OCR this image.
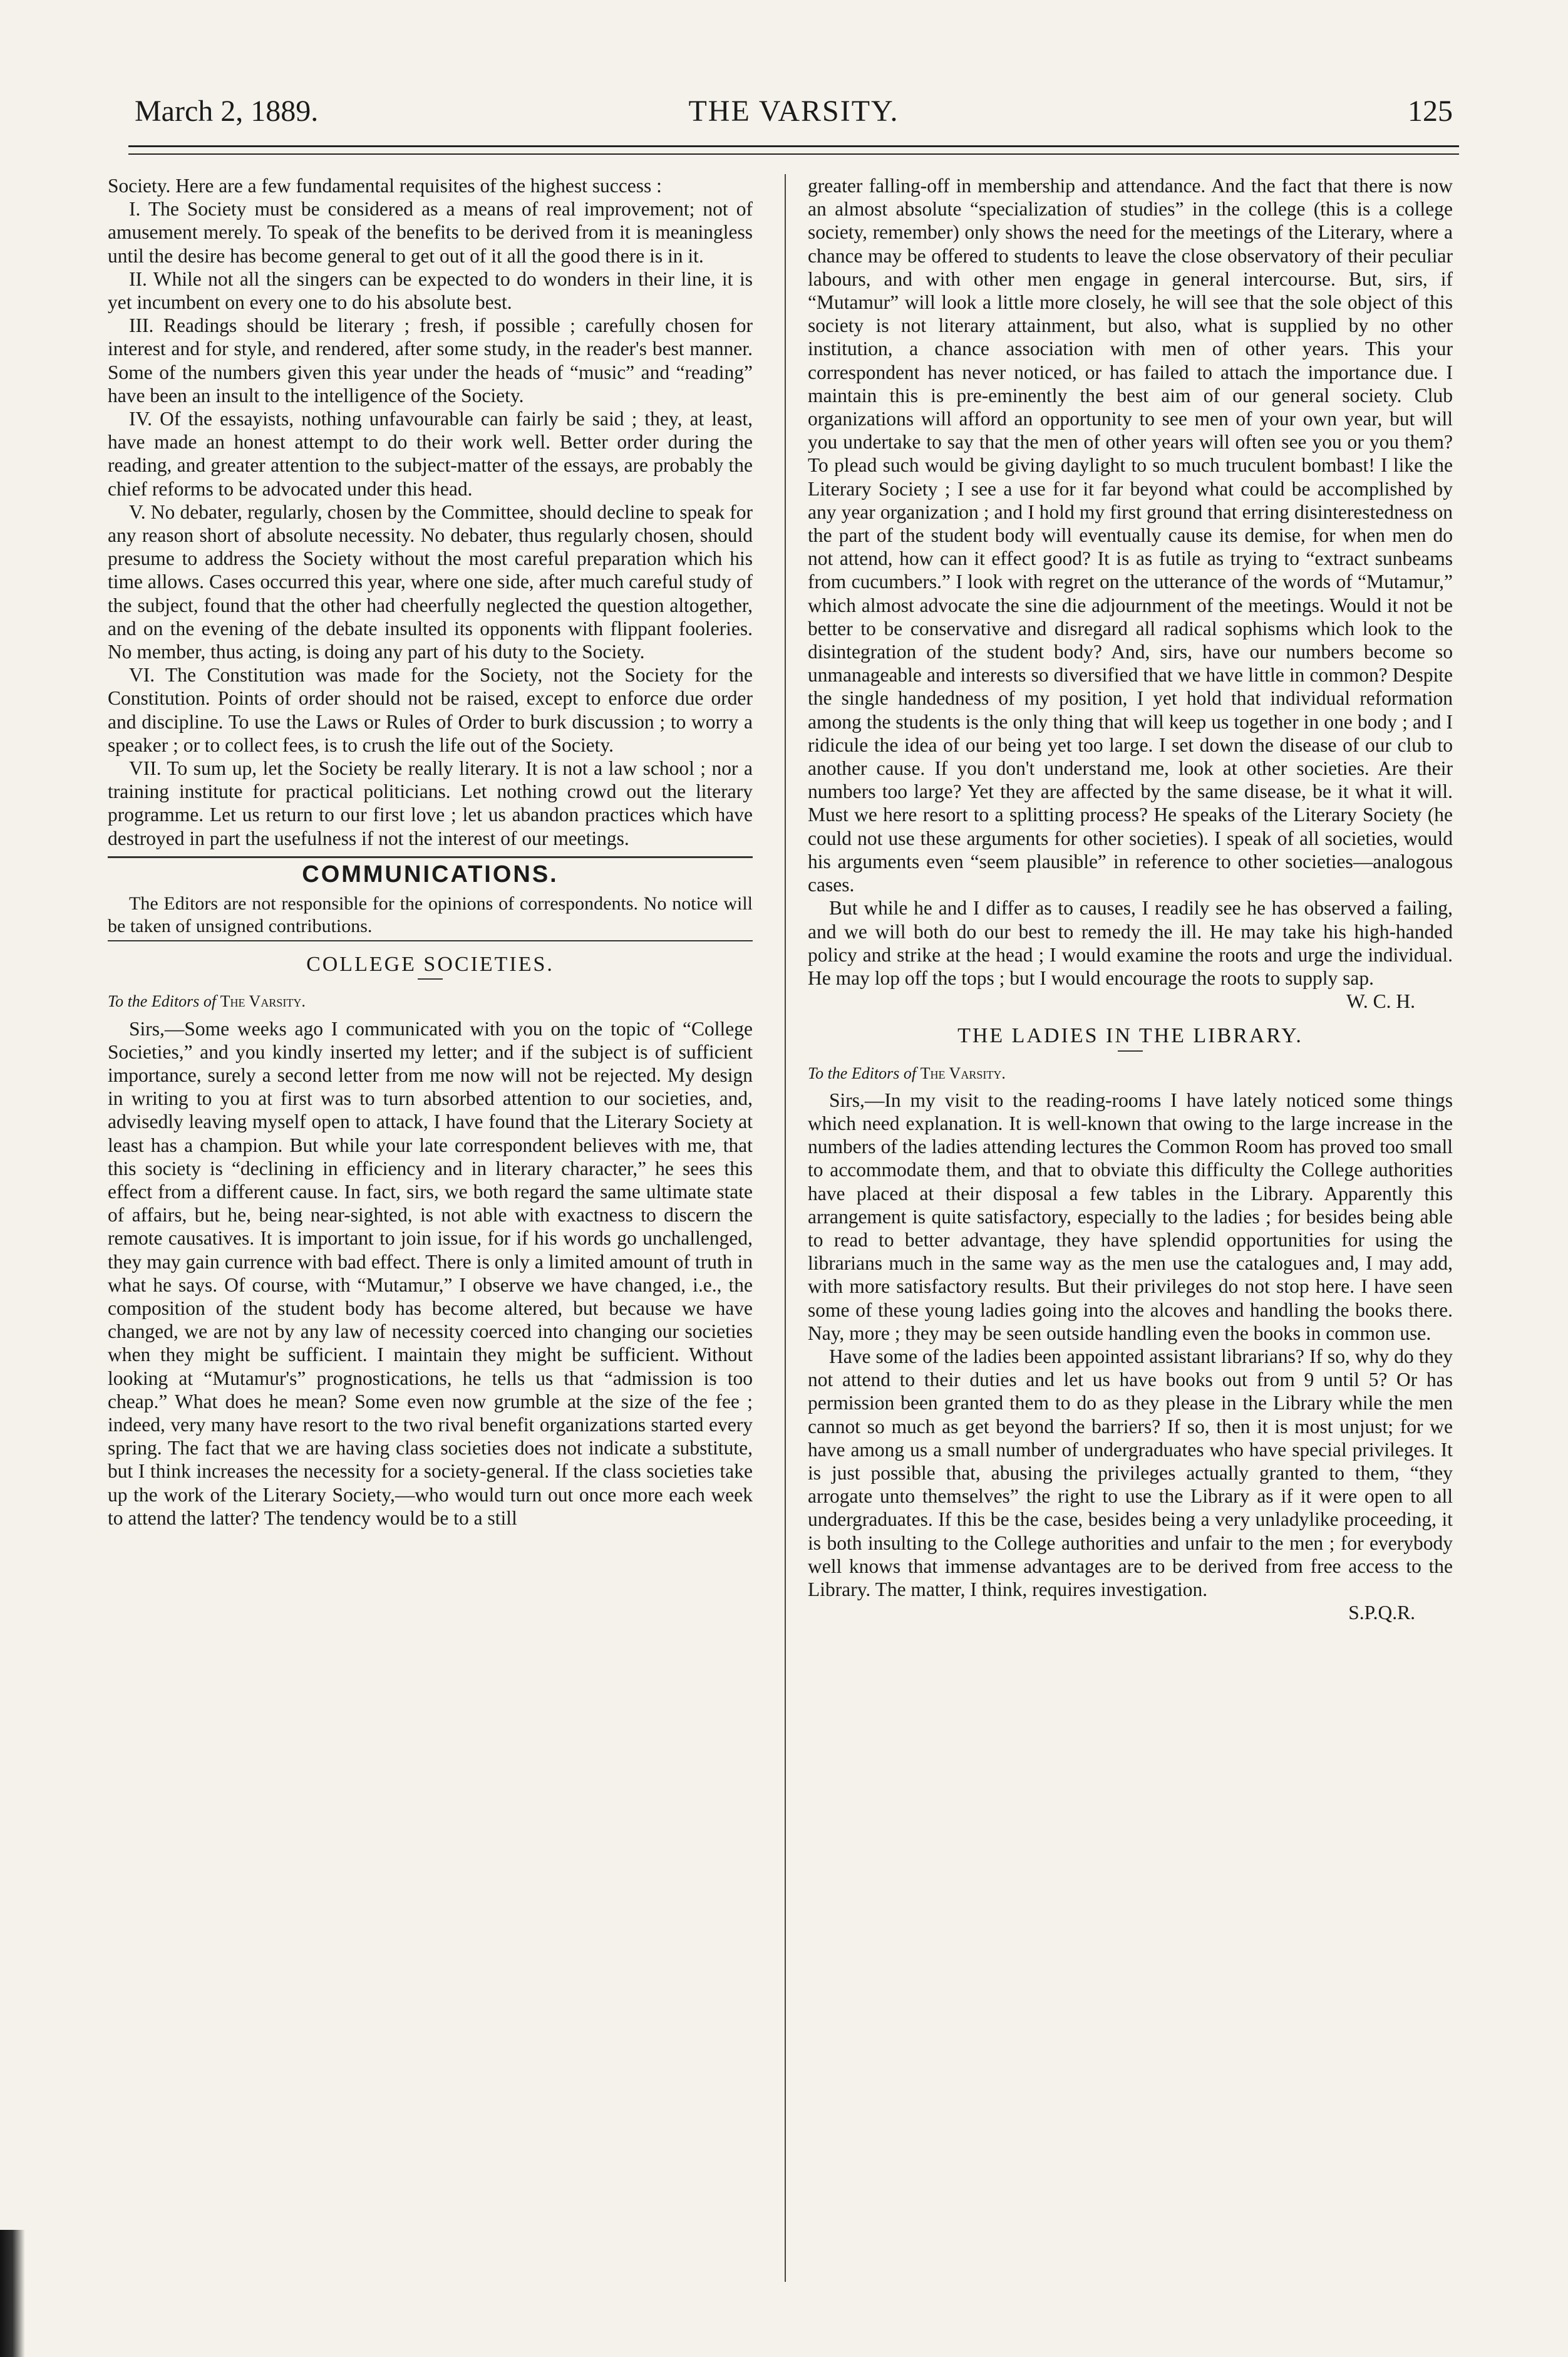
March 2, 1889.	THE VARSITY.	125

Society. Here are a few fundamental requisites of the highest success :

I. The Society must be considered as a means of real improvement; not of amusement merely. To speak of the benefits to be derived from it is meaningless until the desire has become general to get out of it all the good there is in it.

II. While not all the singers can be expected to do wonders in their line, it is yet incumbent on every one to do his absolute best.

III. Readings should be literary ; fresh, if possible ; carefully chosen for interest and for style, and rendered, after some study, in the reader's best manner. Some of the numbers given this year under the heads of “music” and “reading” have been an insult to the intelligence of the Society.

IV. Of the essayists, nothing unfavourable can fairly be said ; they, at least, have made an honest attempt to do their work well. Better order during the reading, and greater attention to the subject-matter of the essays, are probably the chief reforms to be advocated under this head.

V. No debater, regularly, chosen by the Committee, should decline to speak for any reason short of absolute necessity. No debater, thus regularly chosen, should presume to address the Society without the most careful preparation which his time allows. Cases occurred this year, where one side, after much careful study of the subject, found that the other had cheerfully neglected the question altogether, and on the evening of the debate insulted its opponents with flippant fooleries. No member, thus acting, is doing any part of his duty to the Society.

VI. The Constitution was made for the Society, not the Society for the Constitution. Points of order should not be raised, except to enforce due order and discipline. To use the Laws or Rules of Order to burk discussion ; to worry a speaker ; or to collect fees, is to crush the life out of the Society.

VII. To sum up, let the Society be really literary. It is not a law school ; nor a training institute for practical politicians. Let nothing crowd out the literary programme. Let us return to our first love ; let us abandon practices which have destroyed in part the usefulness if not the interest of our meetings.

COMMUNICATIONS.

The Editors are not responsible for the opinions of correspondents. No notice will be taken of unsigned contributions.

COLLEGE SOCIETIES.

To the Editors of The Varsity.

Sirs,—Some weeks ago I communicated with you on the topic of “College Societies,” and you kindly inserted my letter; and if the subject is of sufficient importance, surely a second letter from me now will not be rejected. My design in writing to you at first was to turn absorbed attention to our societies, and, advisedly leaving myself open to attack, I have found that the Literary Society at least has a champion. But while your late correspondent believes with me, that this society is “declining in efficiency and in literary character,” he sees this effect from a different cause. In fact, sirs, we both regard the same ultimate state of affairs, but he, being near-sighted, is not able with exactness to discern the remote causatives. It is important to join issue, for if his words go unchallenged, they may gain currence with bad effect. There is only a limited amount of truth in what he says. Of course, with “Mutamur,” I observe we have changed, i.e., the composition of the student body has become altered, but because we have changed, we are not by any law of necessity coerced into changing our societies when they might be sufficient. I maintain they might be sufficient. Without looking at “Mutamur's” prognostications, he tells us that “admission is too cheap.” What does he mean? Some even now grumble at the size of the fee ; indeed, very many have resort to the two rival benefit organizations started every spring. The fact that we are having class societies does not indicate a substitute, but I think increases the necessity for a society-general. If the class societies take up the work of the Literary Society,—who would turn out once more each week to attend the latter? The tendency would be to a still

greater falling-off in membership and attendance. And the fact that there is now an almost absolute “specialization of studies” in the college (this is a college society, remember) only shows the need for the meetings of the Literary, where a chance may be offered to students to leave the close observatory of their peculiar labours, and with other men engage in general intercourse. But, sirs, if “Mutamur” will look a little more closely, he will see that the sole object of this society is not literary attainment, but also, what is supplied by no other institution, a chance association with men of other years. This your correspondent has never noticed, or has failed to attach the importance due. I maintain this is pre-eminently the best aim of our general society. Club organizations will afford an opportunity to see men of your own year, but will you undertake to say that the men of other years will often see you or you them? To plead such would be giving daylight to so much truculent bombast! I like the Literary Society ; I see a use for it far beyond what could be accomplished by any year organization ; and I hold my first ground that erring disinterestedness on the part of the student body will eventually cause its demise, for when men do not attend, how can it effect good? It is as futile as trying to “extract sunbeams from cucumbers.” I look with regret on the utterance of the words of “Mutamur,” which almost advocate the sine die adjournment of the meetings. Would it not be better to be conservative and disregard all radical sophisms which look to the disintegration of the student body? And, sirs, have our numbers become so unmanageable and interests so diversified that we have little in common? Despite the single handedness of my position, I yet hold that individual reformation among the students is the only thing that will keep us together in one body ; and I ridicule the idea of our being yet too large. I set down the disease of our club to another cause. If you don't understand me, look at other societies. Are their numbers too large? Yet they are affected by the same disease, be it what it will. Must we here resort to a splitting process? He speaks of the Literary Society (he could not use these arguments for other societies). I speak of all societies, would his arguments even “seem plausible” in reference to other societies—analogous cases.

But while he and I differ as to causes, I readily see he has observed a failing, and we will both do our best to remedy the ill. He may take his high-handed policy and strike at the head ; I would examine the roots and urge the individual. He may lop off the tops ; but I would encourage the roots to supply sap.

W. C. H.

THE LADIES IN THE LIBRARY.

To the Editors of The Varsity.

Sirs,—In my visit to the reading-rooms I have lately noticed some things which need explanation. It is well-known that owing to the large increase in the numbers of the ladies attending lectures the Common Room has proved too small to accommodate them, and that to obviate this difficulty the College authorities have placed at their disposal a few tables in the Library. Apparently this arrangement is quite satisfactory, especially to the ladies ; for besides being able to read to better advantage, they have splendid opportunities for using the librarians much in the same way as the men use the catalogues and, I may add, with more satisfactory results. But their privileges do not stop here. I have seen some of these young ladies going into the alcoves and handling the books there. Nay, more ; they may be seen outside handling even the books in common use.

Have some of the ladies been appointed assistant librarians? If so, why do they not attend to their duties and let us have books out from 9 until 5? Or has permission been granted them to do as they please in the Library while the men cannot so much as get beyond the barriers? If so, then it is most unjust; for we have among us a small number of undergraduates who have special privileges. It is just possible that, abusing the privileges actually granted to them, “they arrogate unto themselves” the right to use the Library as if it were open to all undergraduates. If this be the case, besides being a very unladylike proceeding, it is both insulting to the College authorities and unfair to the men ; for everybody well knows that immense advantages are to be derived from free access to the Library. The matter, I think, requires investigation.

S.P.Q.R.
